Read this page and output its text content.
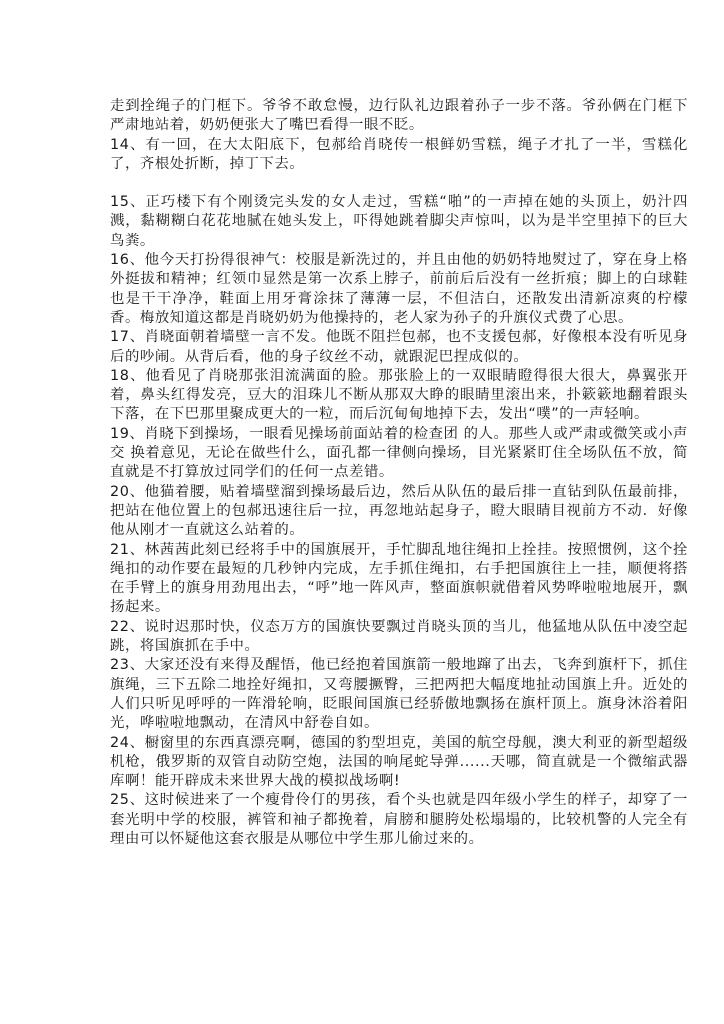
走到拴绳子的门框下。爷爷不敢怠慢，边行队礼边跟着孙子一步不落。爷孙俩在门框下严肃地站着，奶奶便张大了嘴巴看得一眼不眨。

14、有一回，在大太阳底下，包郝给肖晓传一根鲜奶雪糕，绳子才扎了一半，雪糕化了，齐根处折断，掉丁下去。

15、正巧楼下有个刚烫完头发的女人走过，雪糕“啪”的一声掉在她的头顶上，奶汁四溅，黏糊糊白花花地腻在她头发上，吓得她跳着脚尖声惊叫，以为是半空里掉下的巨大鸟粪。

16、他今天打扮得很神气：校服是新洗过的，并且由他的奶奶特地熨过了，穿在身上格外挺拔和精神；红领巾显然是第一次系上脖子，前前后后没有一丝折痕；脚上的白球鞋也是干干净净，鞋面上用牙膏涂抹了薄薄一层，不但洁白，还散发出清新凉爽的柠檬香。梅放知道这都是肖晓奶奶为他操持的，老人家为孙子的升旗仪式费了心思。

17、肖晓面朝着墙壁一言不发。他既不阻拦包郝，也不支援包郝，好像根本没有听见身后的吵闹。从背后看，他的身子纹丝不动，就跟泥巴捏成似的。

18、他看见了肖晓那张泪流满面的脸。那张脸上的一双眼睛瞪得很大很大，鼻翼张开着，鼻头红得发亮，豆大的泪珠儿不断从那双大睁的眼睛里滚出来，扑簌簌地翻着跟头下落，在下巴那里聚成更大的一粒，而后沉甸甸地掉下去，发出“噗”的一声轻响。

19、肖晓下到操场，一眼看见操场前面站着的检查团 的人。那些人或严肃或微笑或小声交 换着意见，无论在做些什么，面孔都一律侧向操场，目光紧紧盯住全场队伍不放，简直就是不打算放过同学们的任何一点差错。

20、他猫着腰，贴着墙壁溜到操场最后边，然后从队伍的最后排一直钻到队伍最前排，把站在他位置上的包郝迅速往后一拉，再忽地站起身子，瞪大眼睛目视前方不动．好像他从刚才一直就这么站着的。

21、林茜茜此刻已经将手中的国旗展开，手忙脚乱地往绳扣上拴挂。按照惯例，这个拴绳扣的动作要在最短的几秒钟内完成，左手抓住绳扣，右手把国旗往上一挂，顺便将搭在手臂上的旗身用劲甩出去，“呼”地一阵风声，整面旗帜就借着风势哗啦啦地展开，飘扬起来。

22、说时迟那时快，仪态万方的国旗快要飘过肖晓头顶的当儿，他猛地从队伍中凌空起跳，将国旗抓在手中。

23、大家还没有来得及醒悟，他已经抱着国旗箭一般地蹿了出去，飞奔到旗杆下，抓住旗绳，三下五除二地拴好绳扣，又弯腰撅臀，三把两把大幅度地扯动国旗上升。近处的人们只听见呼呼的一阵滑轮响，眨眼间国旗已经骄傲地飘扬在旗杆顶上。旗身沐浴着阳光，哗啦啦地飘动，在清风中舒卷自如。

24、橱窗里的东西真漂亮啊，德国的豹型坦克，美国的航空母舰，澳大利亚的新型超级机枪，俄罗斯的双管自动防空炮，法国的响尾蛇导弹......天哪，简直就是一个微缩武器库啊！能开辟成未来世界大战的模拟战场啊!

25、这时候进来了一个瘦骨伶仃的男孩，看个头也就是四年级小学生的样子，却穿了一套光明中学的校服，裤管和袖子都挽着，肩膀和腿胯处松塌塌的，比较机警的人完全有理由可以怀疑他这套衣服是从哪位中学生那儿偷过来的。
